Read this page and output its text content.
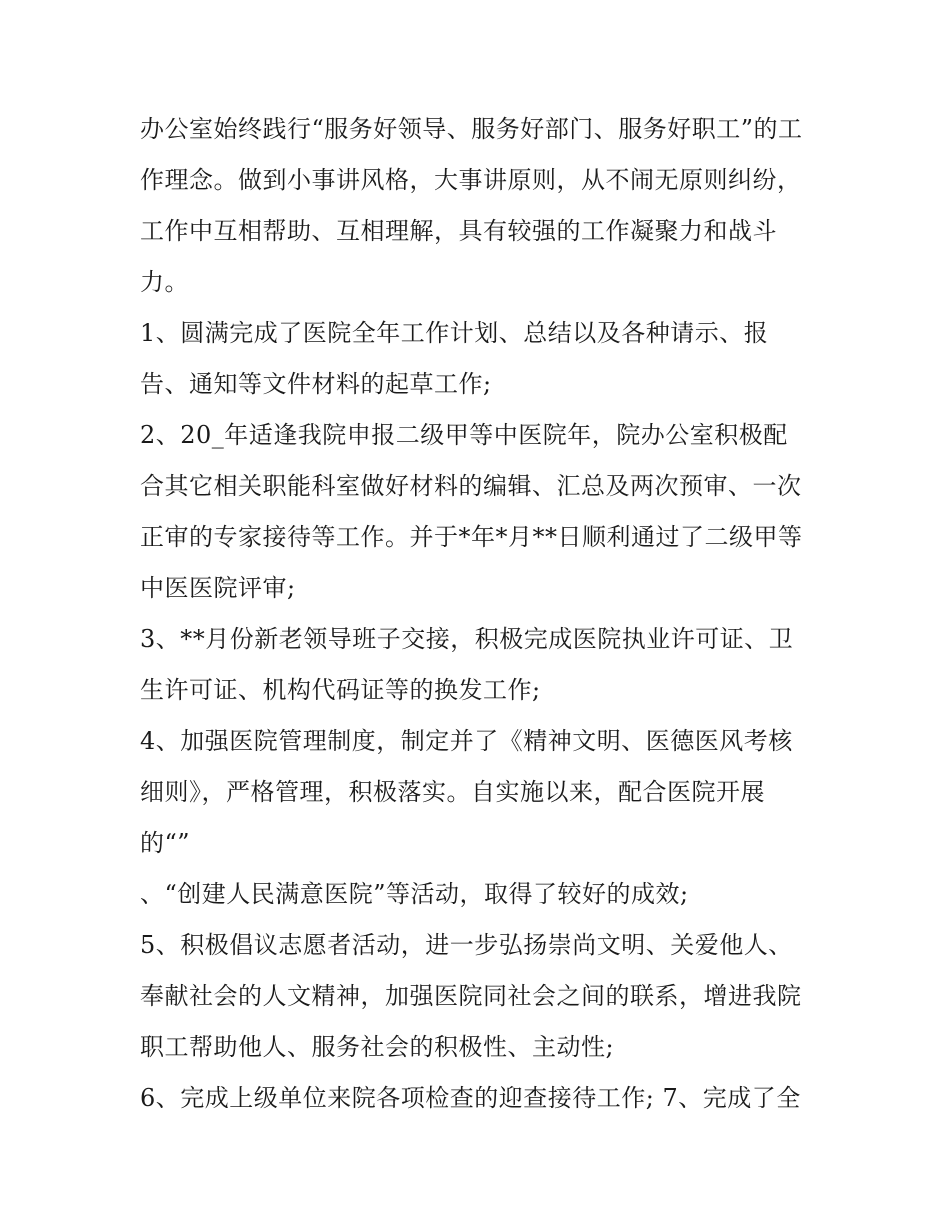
办公室始终践行“服务好领导、服务好部门、服务好职工”的工
作理念。做到小事讲风格，大事讲原则，从不闹无原则纠纷，
工作中互相帮助、互相理解，具有较强的工作凝聚力和战斗
力。
1、圆满完成了医院全年工作计划、总结以及各种请示、报
告、通知等文件材料的起草工作;
2、20_年适逢我院申报二级甲等中医院年，院办公室积极配
合其它相关职能科室做好材料的编辑、汇总及两次预审、一次
正审的专家接待等工作。并于*年*月**日顺利通过了二级甲等
中医医院评审;
3、**月份新老领导班子交接，积极完成医院执业许可证、卫
生许可证、机构代码证等的换发工作;
4、加强医院管理制度，制定并了《精神文明、医德医风考核
细则》，严格管理，积极落实。自实施以来，配合医院开展
的“”
、“创建人民满意医院”等活动，取得了较好的成效;
5、积极倡议志愿者活动，进一步弘扬崇尚文明、关爱他人、
奉献社会的人文精神，加强医院同社会之间的联系，增进我院
职工帮助他人、服务社会的积极性、主动性;
6、完成上级单位来院各项检查的迎查接待工作; 7、完成了全
